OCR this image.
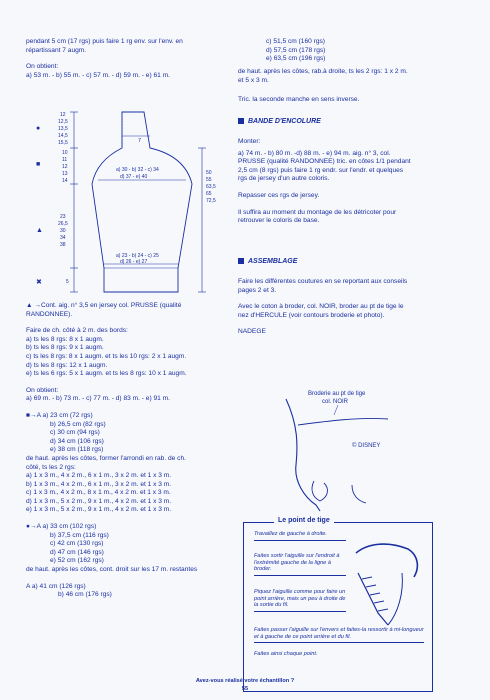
pendant 5 cm (17 rgs) puis faire 1 rg env. sur l'env. en
répartissant 7 augm.
On obtient:
a) 53 m. - b) 55 m. - c) 57 m. - d) 59 m. - e) 61 m.
●
■
▲
✖
12
12,5
13,5
14,5
15,5
10
11
12
13
14
23
26,5
30
34
38
5
7
a) 30 - b) 32 - c) 34
d) 37 - e) 40
a) 23 - b) 24 - c) 25
d) 26 - e) 27
50
55
63,5
65
72,5
▲ →Cont. aig. n° 3,5 en jersey col. PRUSSE (qualité
RANDONNEE).
Faire de ch. côté à 2 m. des bords:
a) ts les 8 rgs: 8 x 1 augm.
b) ts les 8 rgs: 9 x 1 augm.
c) ts les 8 rgs: 8 x 1 augm. et ts les 10 rgs: 2 x 1 augm.
d) ts les 8 rgs: 12 x 1 augm.
e) ts les 6 rgs: 5 x 1 augm. et ts les 8 rgs: 10 x 1 augm.
On obtient:
a) 69 m. - b) 73 m. - c) 77 m. - d) 83 m. - e) 91 m.
■→A a) 23 cm (72 rgs)
b) 26,5 cm (82 rgs)
c) 30 cm (94 rgs)
d) 34 cm (106 rgs)
e) 38 cm (118 rgs)
de haut. après les côtes, former l'arrondi en rab. de ch.
côté, ts les 2 rgs:
a) 1 x 3 m., 4 x 2 m., 6 x 1 m., 3 x 2 m. et 1 x 3 m.
b) 1 x 3 m., 4 x 2 m., 6 x 1 m., 3 x 2 m. et 1 x 3 m.
c) 1 x 3 m., 4 x 2 m., 8 x 1 m., 4 x 2 m. et 1 x 3 m.
d) 1 x 3 m., 5 x 2 m., 9 x 1 m., 4 x 2 m. et 1 x 3 m.
e) 1 x 3 m., 5 x 2 m., 9 x 1 m., 4 x 2 m. et 1 x 3 m.
●→A a) 33 cm (102 rgs)
b) 37,5 cm (116 rgs)
c) 42 cm (130 rgs)
d) 47 cm (146 rgs)
e) 52 cm (162 rgs)
de haut. après les côtes, cont. droit sur les 17 m. restantes
A a) 41 cm (126 rgs)
b) 46 cm (176 rgs)
c) 51,5 cm (160 rgs)
d) 57,5 cm (178 rgs)
e) 63,5 cm (196 rgs)
de haut. après les côtes, rab.à droite, ts les 2 rgs: 1 x 2 m.
et 5 x 3 m.
Tric. la seconde manche en sens inverse.
BANDE D'ENCOLURE
Monter:
a) 74 m. - b) 80 m. -d) 88 m. - e) 94 m. aig. n° 3, col.
PRUSSE (qualité RANDONNEE) tric. en côtes 1/1 pendant
2,5 cm (8 rgs) puis faire 1 rg endr. sur l'endr. et quelques
rgs de jersey d'un autre coloris.
Repasser ces rgs de jersey.
Il suffira au moment du montage de les détricoter pour
retrouver le coloris de base.
ASSEMBLAGE
Faire les différentes coutures en se reportant aux conseils
pages 2 et 3.
Avec le coton à broder, col. NOIR, broder au pt de tige le
nez d'HERCULE (voir contours broderie et photo).
NADEGE
Broderie au pt de tige
col. NOIR
© DISNEY
Le point de tige
Travaillez de gauche à droite.
Faites sortir l'aiguille sur l'endroit à l'extrémité gauche de la ligne à broder.
Piquez l'aiguille comme pour faire un point arrière, mais un peu à droite de la sortie du fil.
Faites passer l'aiguille sur l'envers et faites-la ressortir à mi-longueur et à gauche de ce point arrière et du fil.
Faites ainsi chaque point.
Avez-vous réalisé votre échantillon ?
55
